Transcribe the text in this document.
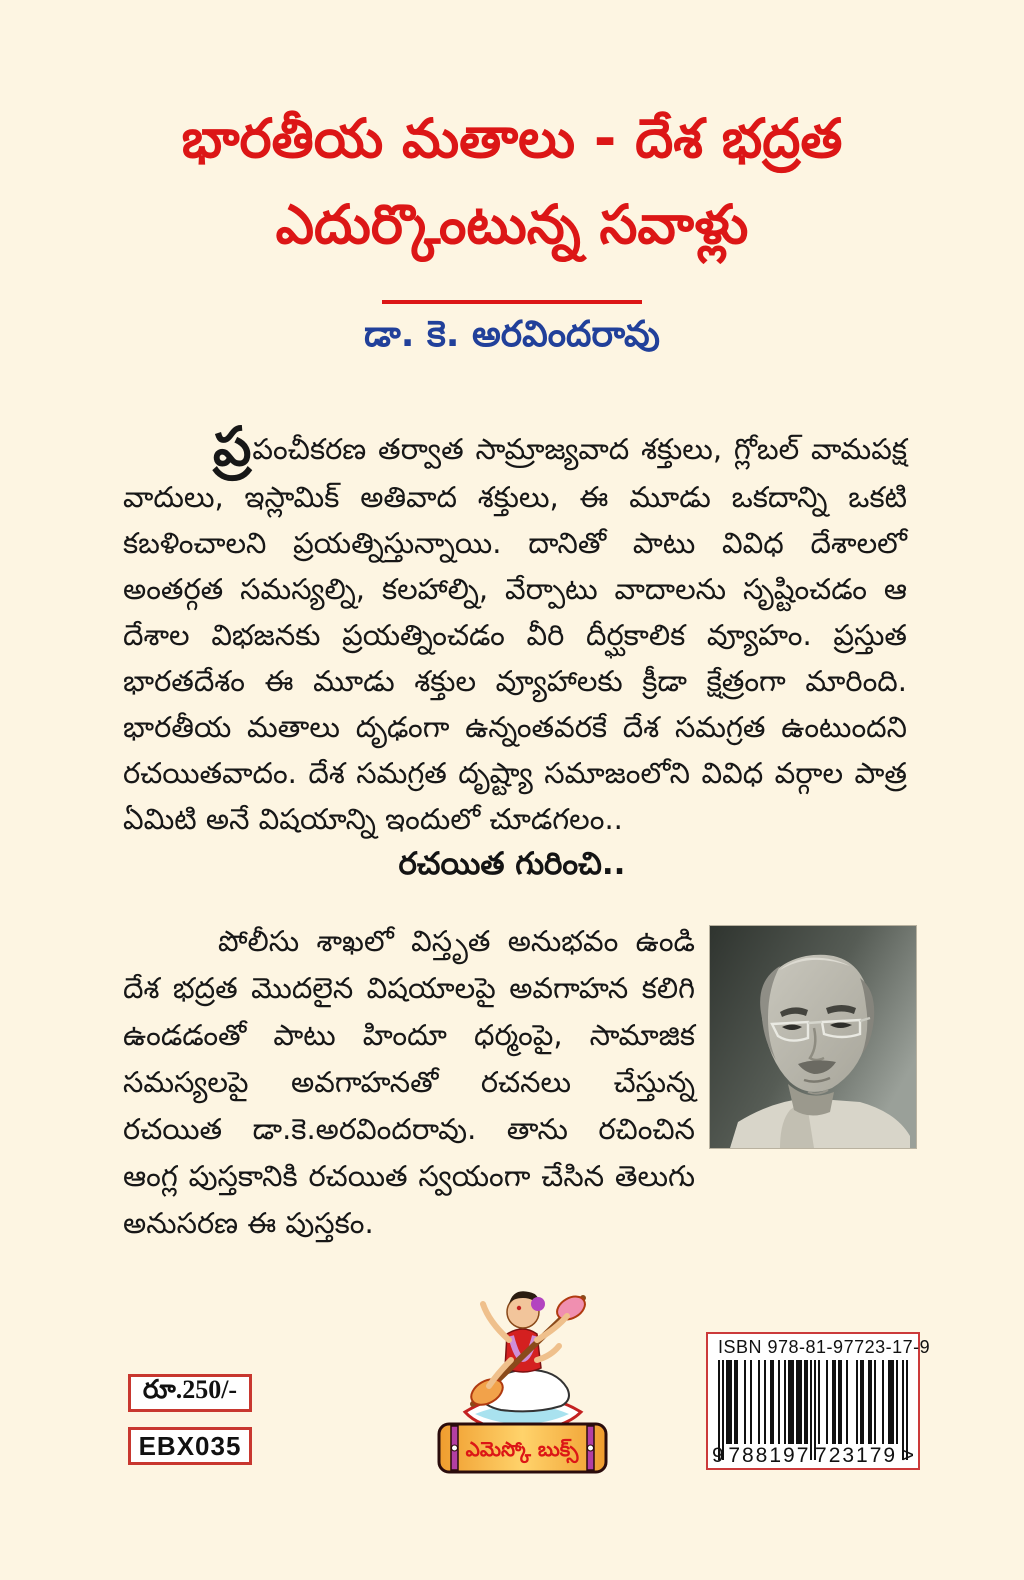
భారతీయ మతాలు - దేశ భద్రత
ఎదుర్కొంటున్న సవాళ్లు
డా. కె. అరవిందరావు

ప్రపంచీకరణ తర్వాత సామ్రాజ్యవాద శక్తులు, గ్లోబల్ వామపక్ష వాదులు, ఇస్లామిక్ అతివాద శక్తులు, ఈ మూడు ఒకదాన్ని ఒకటి కబళించాలని ప్రయత్నిస్తున్నాయి. దానితో పాటు వివిధ దేశాలలో అంతర్గత సమస్యల్ని, కలహాల్ని, వేర్పాటు వాదాలను సృష్టించడం ఆ దేశాల విభజనకు ప్రయత్నించడం వీరి దీర్ఘకాలిక వ్యూహం. ప్రస్తుత భారతదేశం ఈ మూడు శక్తుల వ్యూహాలకు క్రీడా క్షేత్రంగా మారింది. భారతీయ మతాలు దృఢంగా ఉన్నంతవరకే దేశ సమగ్రత ఉంటుందని రచయితవాదం. దేశ సమగ్రత దృష్ట్యా సమాజంలోని వివిధ వర్గాల పాత్ర ఏమిటి అనే విషయాన్ని ఇందులో చూడగలం..

రచయిత గురించి..

పోలీసు శాఖలో విస్తృత అనుభవం ఉండి దేశ భద్రత మొదలైన విషయాలపై అవగాహన కలిగి ఉండడంతో పాటు హిందూ ధర్మంపై, సామాజిక సమస్యలపై అవగాహనతో రచనలు చేస్తున్న రచయిత డా.కె.అరవిందరావు. తాను రచించిన ఆంగ్ల పుస్తకానికి రచయిత స్వయంగా చేసిన తెలుగు అనుసరణ ఈ పుస్తకం.

రూ.250/-
EBX035	ఎమెస్కో బుక్స్
ISBN 978-81-97723-17-9
9 788197 723179 >
